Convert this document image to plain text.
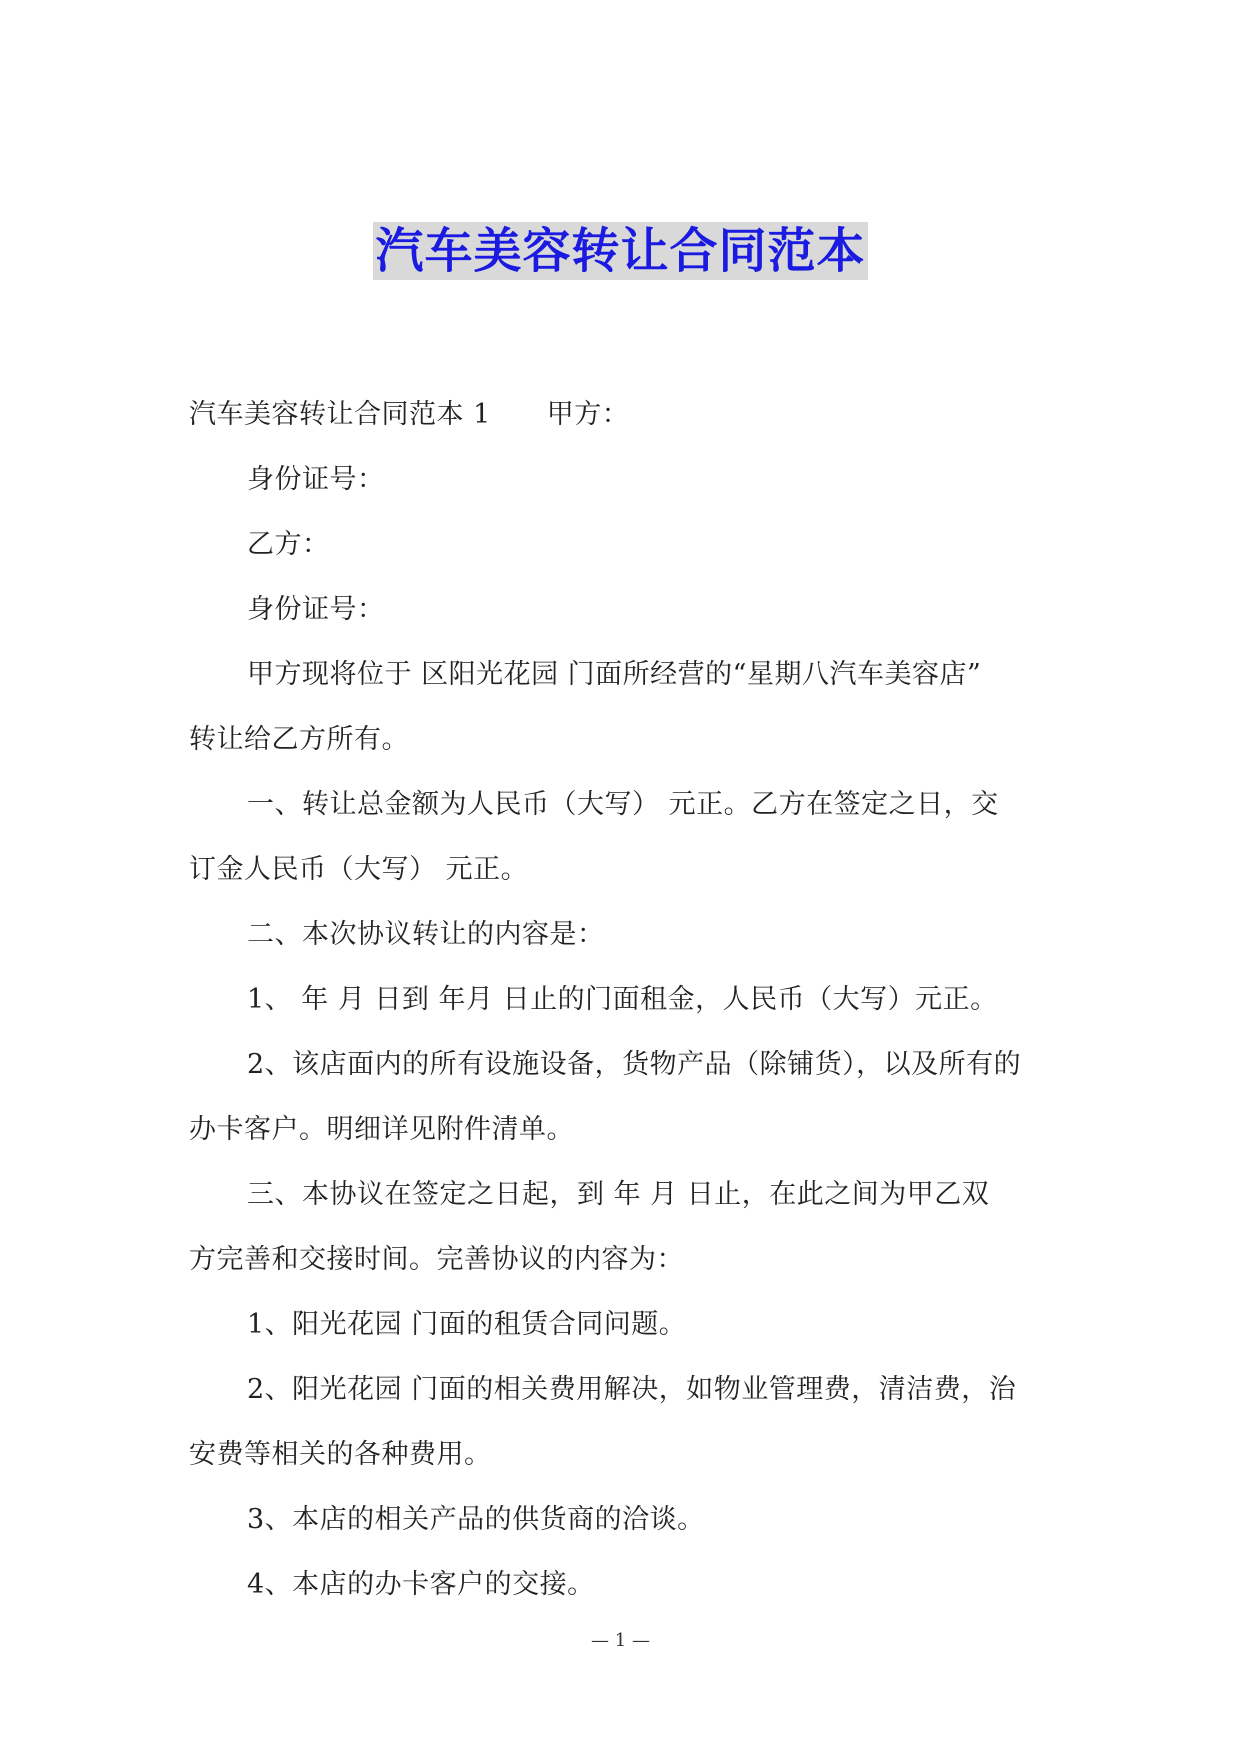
汽车美容转让合同范本
汽车美容转让合同范本 1 甲方：
身份证号：
乙方：
身份证号：
甲方现将位于 区阳光花园 门面所经营的“星期八汽车美容店”
转让给乙方所有。
一、转让总金额为人民币（大写） 元正。乙方在签定之日，交
订金人民币（大写） 元正。
二、本次协议转让的内容是：
1、 年 月 日到 年月 日止的门面租金，人民币（大写）元正。
2、该店面内的所有设施设备，货物产品（除铺货），以及所有的
办卡客户。明细详见附件清单。
三、本协议在签定之日起，到 年 月 日止，在此之间为甲乙双
方完善和交接时间。完善协议的内容为：
1、阳光花园 门面的租赁合同问题。
2、阳光花园 门面的相关费用解决，如物业管理费，清洁费，治
安费等相关的各种费用。
3、本店的相关产品的供货商的洽谈。
4、本店的办卡客户的交接。
— 1 —
